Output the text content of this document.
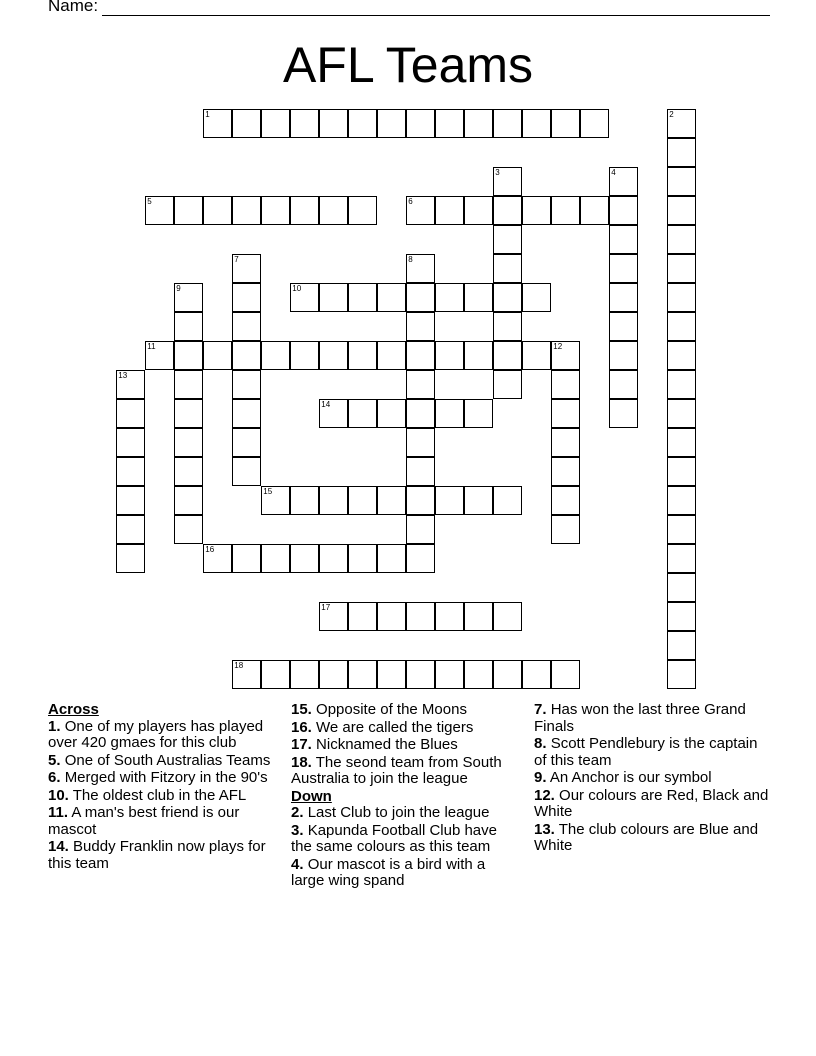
Name:
AFL Teams
1	2
3	4
5	6
7	8
9	10
11	12
13
14
15
16
17
18
Across
1. One of my players has played over 420 gmaes for this club
5. One of South Australias Teams
6. Merged with Fitzory in the 90's
10. The oldest club in the AFL
11. A man's best friend is our mascot
14. Buddy Franklin now plays for this team
15. Opposite of the Moons
16. We are called the tigers
17. Nicknamed the Blues
18. The seond team from South Australia to join the league
Down
2. Last Club to join the league
3. Kapunda Football Club have the same colours as this team
4. Our mascot is a bird with a large wing spand
7. Has won the last three Grand Finals
8. Scott Pendlebury is the captain of this team
9. An Anchor is our symbol
12. Our colours are Red, Black and White
13. The club colours are Blue and White
